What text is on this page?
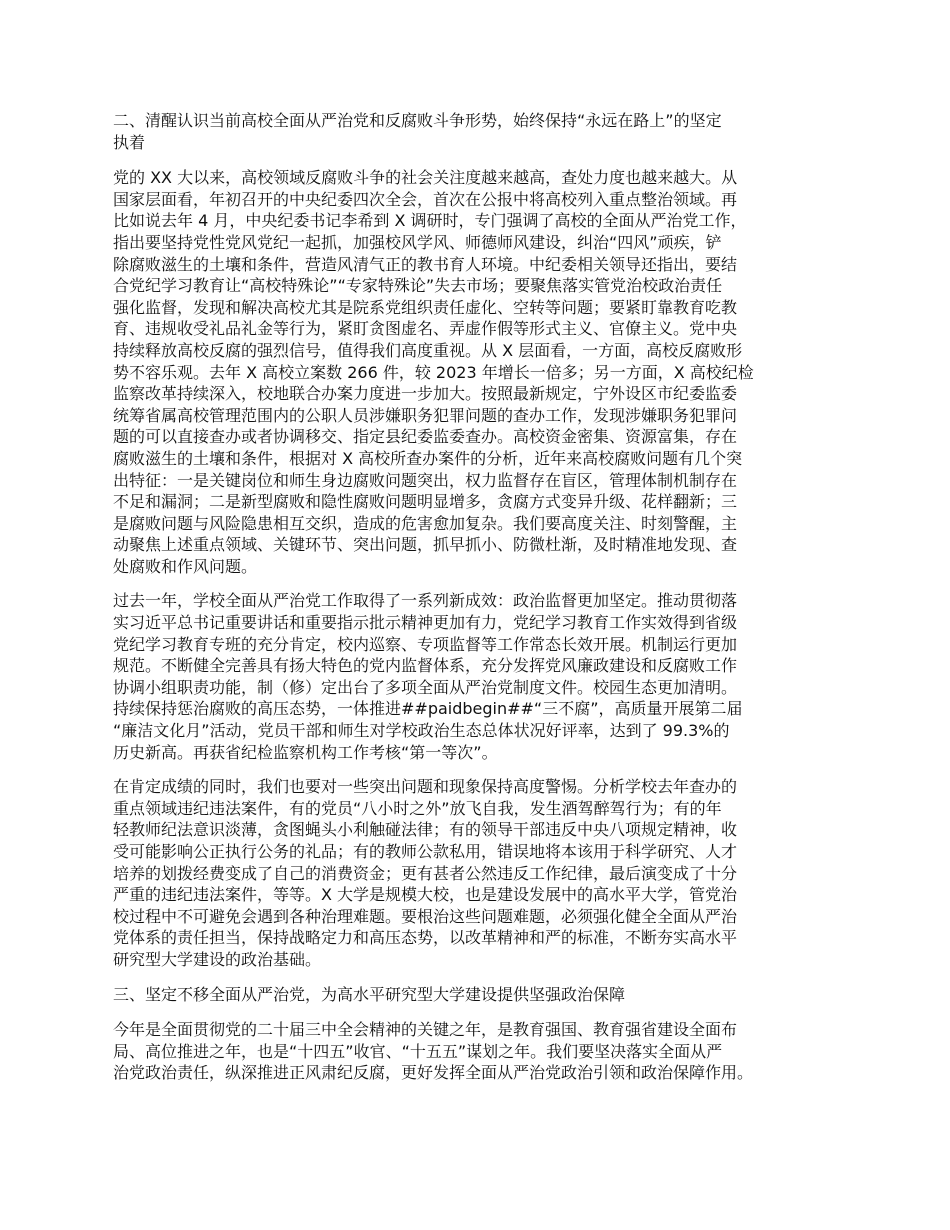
二、清醒认识当前高校全面从严治党和反腐败斗争形势，始终保持“永远在路上”的坚定
执着
党的 XX 大以来，高校领域反腐败斗争的社会关注度越来越高，查处力度也越来越大。从
国家层面看，年初召开的中央纪委四次全会，首次在公报中将高校列入重点整治领域。再
比如说去年 4 月，中央纪委书记李希到 X 调研时，专门强调了高校的全面从严治党工作，
指出要坚持党性党风党纪一起抓，加强校风学风、师德师风建设，纠治“四风”顽疾，铲
除腐败滋生的土壤和条件，营造风清气正的教书育人环境。中纪委相关领导还指出，要结
合党纪学习教育让“高校特殊论”“专家特殊论”失去市场；要聚焦落实管党治校政治责任
强化监督，发现和解决高校尤其是院系党组织责任虚化、空转等问题；要紧盯靠教育吃教
育、违规收受礼品礼金等行为，紧盯贪图虚名、弄虚作假等形式主义、官僚主义。党中央
持续释放高校反腐的强烈信号，值得我们高度重视。从 X 层面看，一方面，高校反腐败形
势不容乐观。去年 X 高校立案数 266 件，较 2023 年增长一倍多；另一方面，X 高校纪检
监察改革持续深入，校地联合办案力度进一步加大。按照最新规定，宁外设区市纪委监委
统筹省属高校管理范围内的公职人员涉嫌职务犯罪问题的查办工作，发现涉嫌职务犯罪问
题的可以直接查办或者协调移交、指定县纪委监委查办。高校资金密集、资源富集，存在
腐败滋生的土壤和条件，根据对 X 高校所查办案件的分析，近年来高校腐败问题有几个突
出特征：一是关键岗位和师生身边腐败问题突出，权力监督存在盲区，管理体制机制存在
不足和漏洞；二是新型腐败和隐性腐败问题明显增多，贪腐方式变异升级、花样翻新；三
是腐败问题与风险隐患相互交织，造成的危害愈加复杂。我们要高度关注、时刻警醒，主
动聚焦上述重点领域、关键环节、突出问题，抓早抓小、防微杜渐，及时精准地发现、查
处腐败和作风问题。
过去一年，学校全面从严治党工作取得了一系列新成效：政治监督更加坚定。推动贯彻落
实习近平总书记重要讲话和重要指示批示精神更加有力，党纪学习教育工作实效得到省级
党纪学习教育专班的充分肯定，校内巡察、专项监督等工作常态长效开展。机制运行更加
规范。不断健全完善具有扬大特色的党内监督体系，充分发挥党风廉政建设和反腐败工作
协调小组职责功能，制（修）定出台了多项全面从严治党制度文件。校园生态更加清明。
持续保持惩治腐败的高压态势，一体推进##paidbegin##“三不腐”，高质量开展第二届
“廉洁文化月”活动，党员干部和师生对学校政治生态总体状况好评率，达到了 99.3%的
历史新高。再获省纪检监察机构工作考核“第一等次”。
在肯定成绩的同时，我们也要对一些突出问题和现象保持高度警惕。分析学校去年查办的
重点领域违纪违法案件，有的党员“八小时之外”放飞自我，发生酒驾醉驾行为；有的年
轻教师纪法意识淡薄，贪图蝇头小利触碰法律；有的领导干部违反中央八项规定精神，收
受可能影响公正执行公务的礼品；有的教师公款私用，错误地将本该用于科学研究、人才
培养的划拨经费变成了自己的消费资金；更有甚者公然违反工作纪律，最后演变成了十分
严重的违纪违法案件，等等。X 大学是规模大校，也是建设发展中的高水平大学，管党治
校过程中不可避免会遇到各种治理难题。要根治这些问题难题，必须强化健全全面从严治
党体系的责任担当，保持战略定力和高压态势，以改革精神和严的标准，不断夯实高水平
研究型大学建设的政治基础。
三、坚定不移全面从严治党，为高水平研究型大学建设提供坚强政治保障
今年是全面贯彻党的二十届三中全会精神的关键之年，是教育强国、教育强省建设全面布
局、高位推进之年，也是“十四五”收官、“十五五”谋划之年。我们要坚决落实全面从严
治党政治责任，纵深推进正风肃纪反腐，更好发挥全面从严治党政治引领和政治保障作用。
